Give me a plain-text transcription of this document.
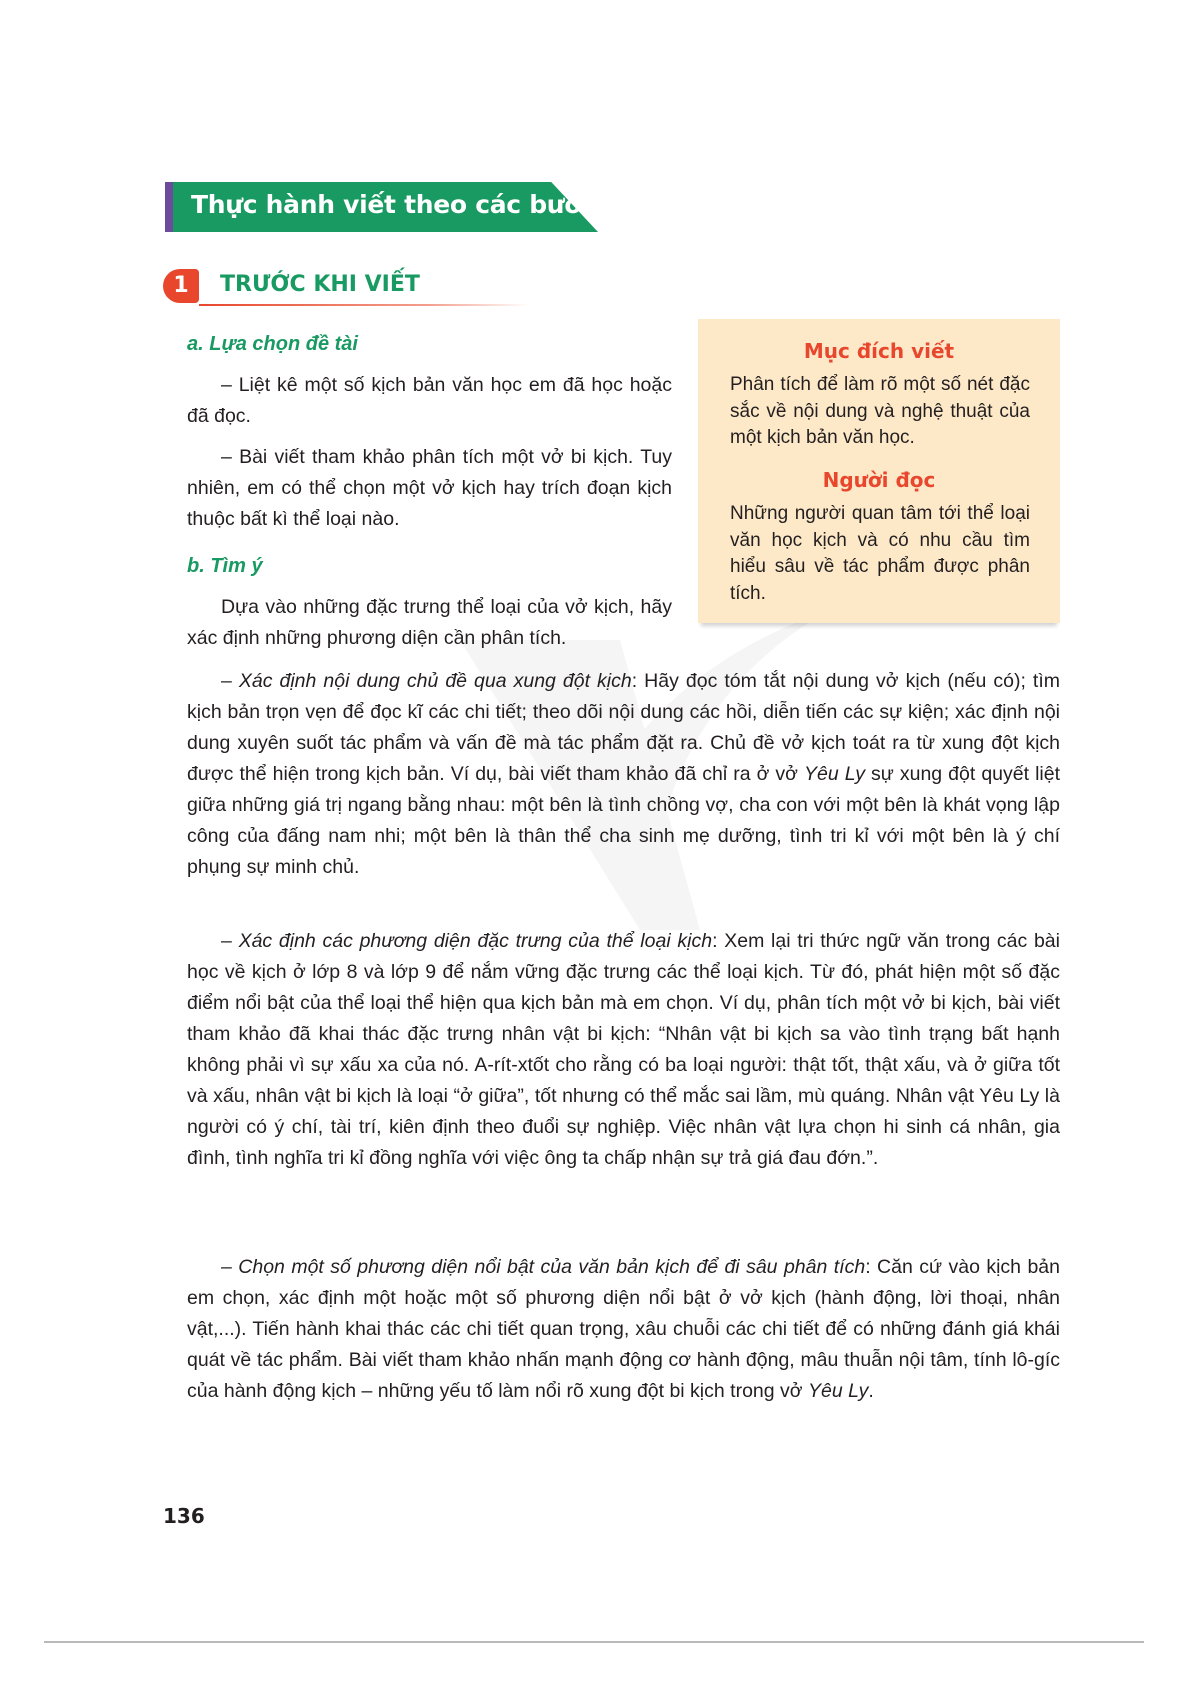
Thực hành viết theo các bước
1	TRƯỚC KHI VIẾT
a. Lựa chọn đề tài

– Liệt kê một số kịch bản văn học em đã học hoặc đã đọc.

– Bài viết tham khảo phân tích một vở bi kịch. Tuy nhiên, em có thể chọn một vở kịch hay trích đoạn kịch thuộc bất kì thể loại nào.

b. Tìm ý

Dựa vào những đặc trưng thể loại của vở kịch, hãy xác định những phương diện cần phân tích.

Mục đích viết

Phân tích để làm rõ một số nét đặc sắc về nội dung và nghệ thuật của một kịch bản văn học.

Người đọc

Những người quan tâm tới thể loại văn học kịch và có nhu cầu tìm hiểu sâu về tác phẩm được phân tích.

– Xác định nội dung chủ đề qua xung đột kịch: Hãy đọc tóm tắt nội dung vở kịch (nếu có); tìm kịch bản trọn vẹn để đọc kĩ các chi tiết; theo dõi nội dung các hồi, diễn tiến các sự kiện; xác định nội dung xuyên suốt tác phẩm và vấn đề mà tác phẩm đặt ra. Chủ đề vở kịch toát ra từ xung đột kịch được thể hiện trong kịch bản. Ví dụ, bài viết tham khảo đã chỉ ra ở vở Yêu Ly sự xung đột quyết liệt giữa những giá trị ngang bằng nhau: một bên là tình chồng vợ, cha con với một bên là khát vọng lập công của đấng nam nhi; một bên là thân thể cha sinh mẹ dưỡng, tình tri kỉ với một bên là ý chí phụng sự minh chủ.

– Xác định các phương diện đặc trưng của thể loại kịch: Xem lại tri thức ngữ văn trong các bài học về kịch ở lớp 8 và lớp 9 để nắm vững đặc trưng các thể loại kịch. Từ đó, phát hiện một số đặc điểm nổi bật của thể loại thể hiện qua kịch bản mà em chọn. Ví dụ, phân tích một vở bi kịch, bài viết tham khảo đã khai thác đặc trưng nhân vật bi kịch: “Nhân vật bi kịch sa vào tình trạng bất hạnh không phải vì sự xấu xa của nó. A-rít-xtốt cho rằng có ba loại người: thật tốt, thật xấu, và ở giữa tốt và xấu, nhân vật bi kịch là loại “ở giữa”, tốt nhưng có thể mắc sai lầm, mù quáng. Nhân vật Yêu Ly là người có ý chí, tài trí, kiên định theo đuổi sự nghiệp. Việc nhân vật lựa chọn hi sinh cá nhân, gia đình, tình nghĩa tri kỉ đồng nghĩa với việc ông ta chấp nhận sự trả giá đau đớn.”.

– Chọn một số phương diện nổi bật của văn bản kịch để đi sâu phân tích: Căn cứ vào kịch bản em chọn, xác định một hoặc một số phương diện nổi bật ở vở kịch (hành động, lời thoại, nhân vật,...). Tiến hành khai thác các chi tiết quan trọng, xâu chuỗi các chi tiết để có những đánh giá khái quát về tác phẩm. Bài viết tham khảo nhấn mạnh động cơ hành động, mâu thuẫn nội tâm, tính lô-gíc của hành động kịch – những yếu tố làm nổi rõ xung đột bi kịch trong vở Yêu Ly.

136
